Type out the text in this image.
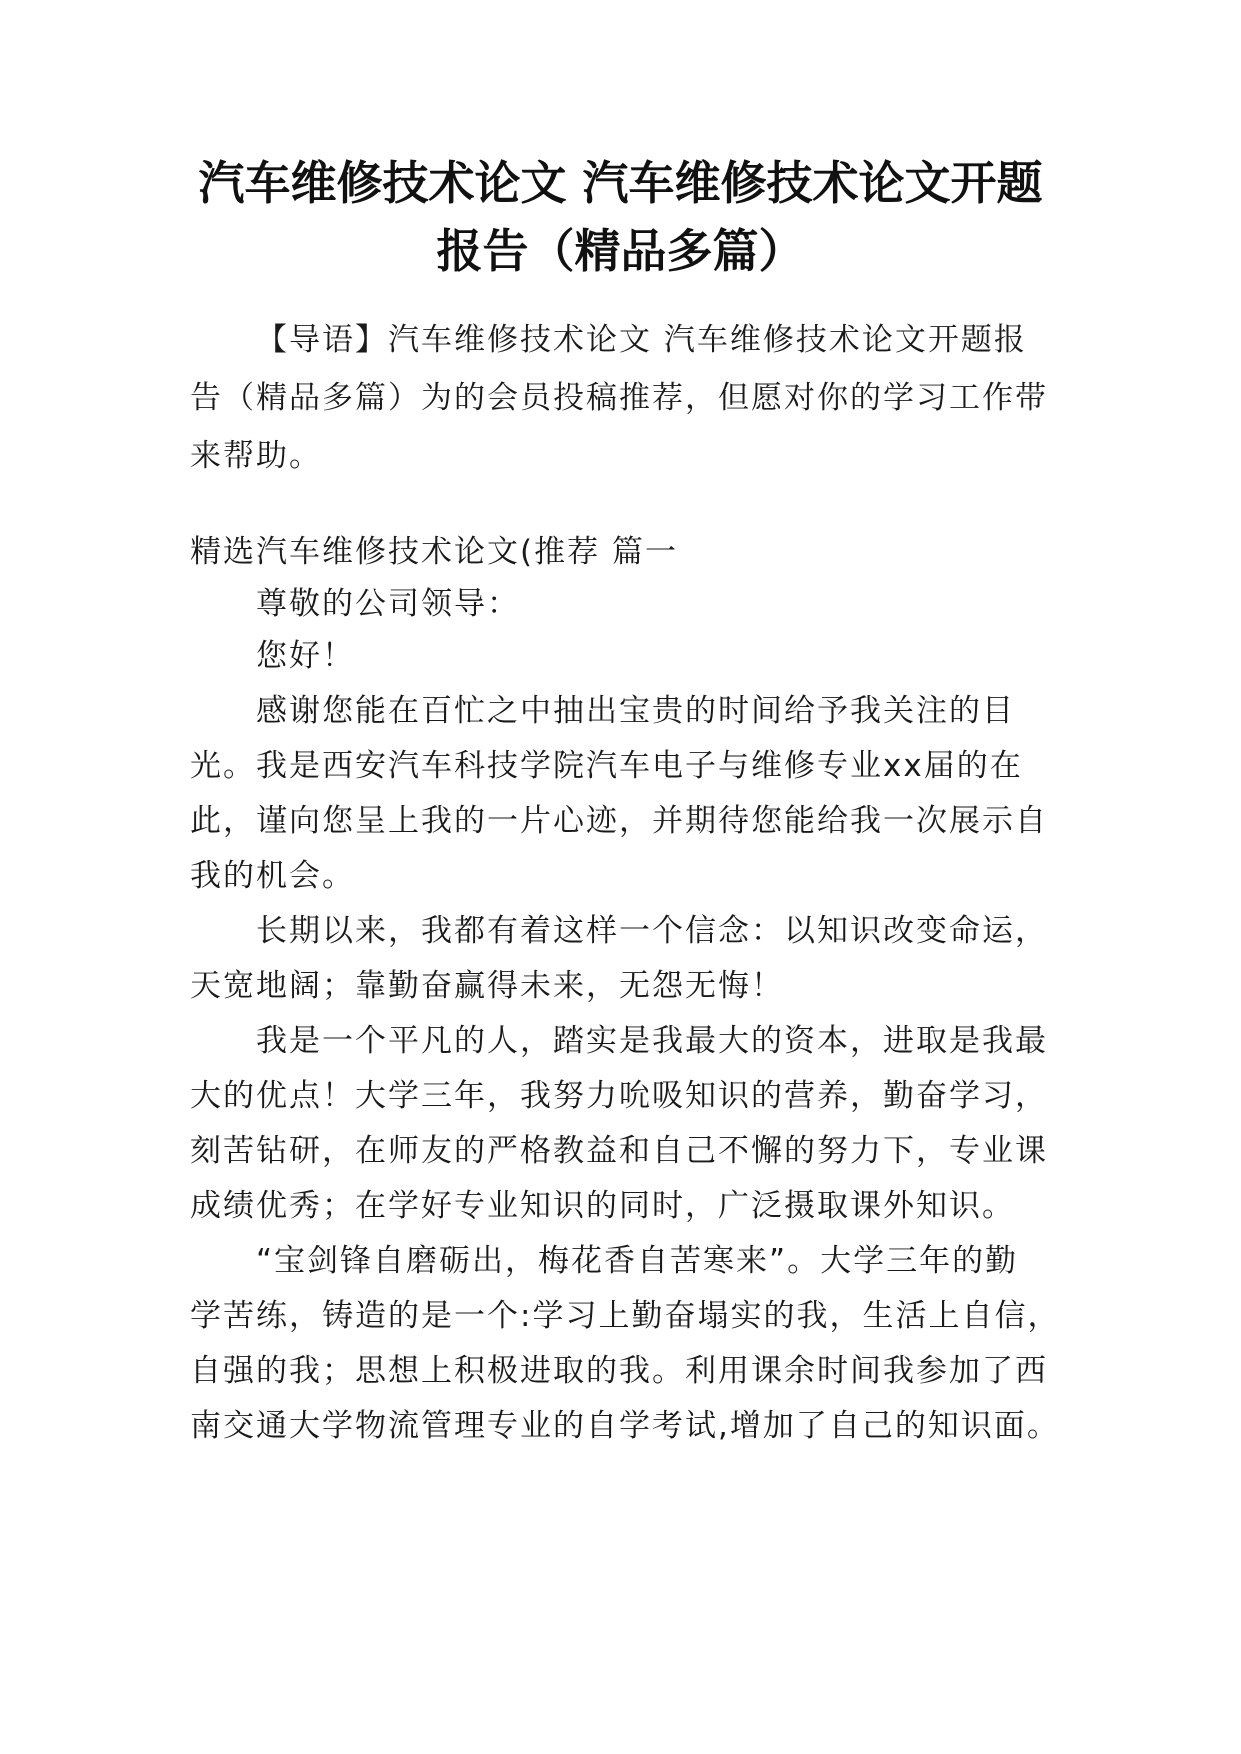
汽车维修技术论文 汽车维修技术论文开题
报告（精品多篇）
【导语】汽车维修技术论文 汽车维修技术论文开题报
告（精品多篇）为的会员投稿推荐，但愿对你的学习工作带
来帮助。
精选汽车维修技术论文(推荐 篇一
尊敬的公司领导：
您好！
感谢您能在百忙之中抽出宝贵的时间给予我关注的目
光。我是西安汽车科技学院汽车电子与维修专业xx届的在
此，谨向您呈上我的一片心迹，并期待您能给我一次展示自
我的机会。
长期以来，我都有着这样一个信念：以知识改变命运，
天宽地阔；靠勤奋赢得未来，无怨无悔！
我是一个平凡的人，踏实是我最大的资本，进取是我最
大的优点！大学三年，我努力吮吸知识的营养，勤奋学习，
刻苦钻研，在师友的严格教益和自己不懈的努力下，专业课
成绩优秀；在学好专业知识的同时，广泛摄取课外知识。
“宝剑锋自磨砺出，梅花香自苦寒来”。大学三年的勤
学苦练，铸造的是一个:学习上勤奋塌实的我，生活上自信，
自强的我；思想上积极进取的我。利用课余时间我参加了西
南交通大学物流管理专业的自学考试,增加了自己的知识面。
